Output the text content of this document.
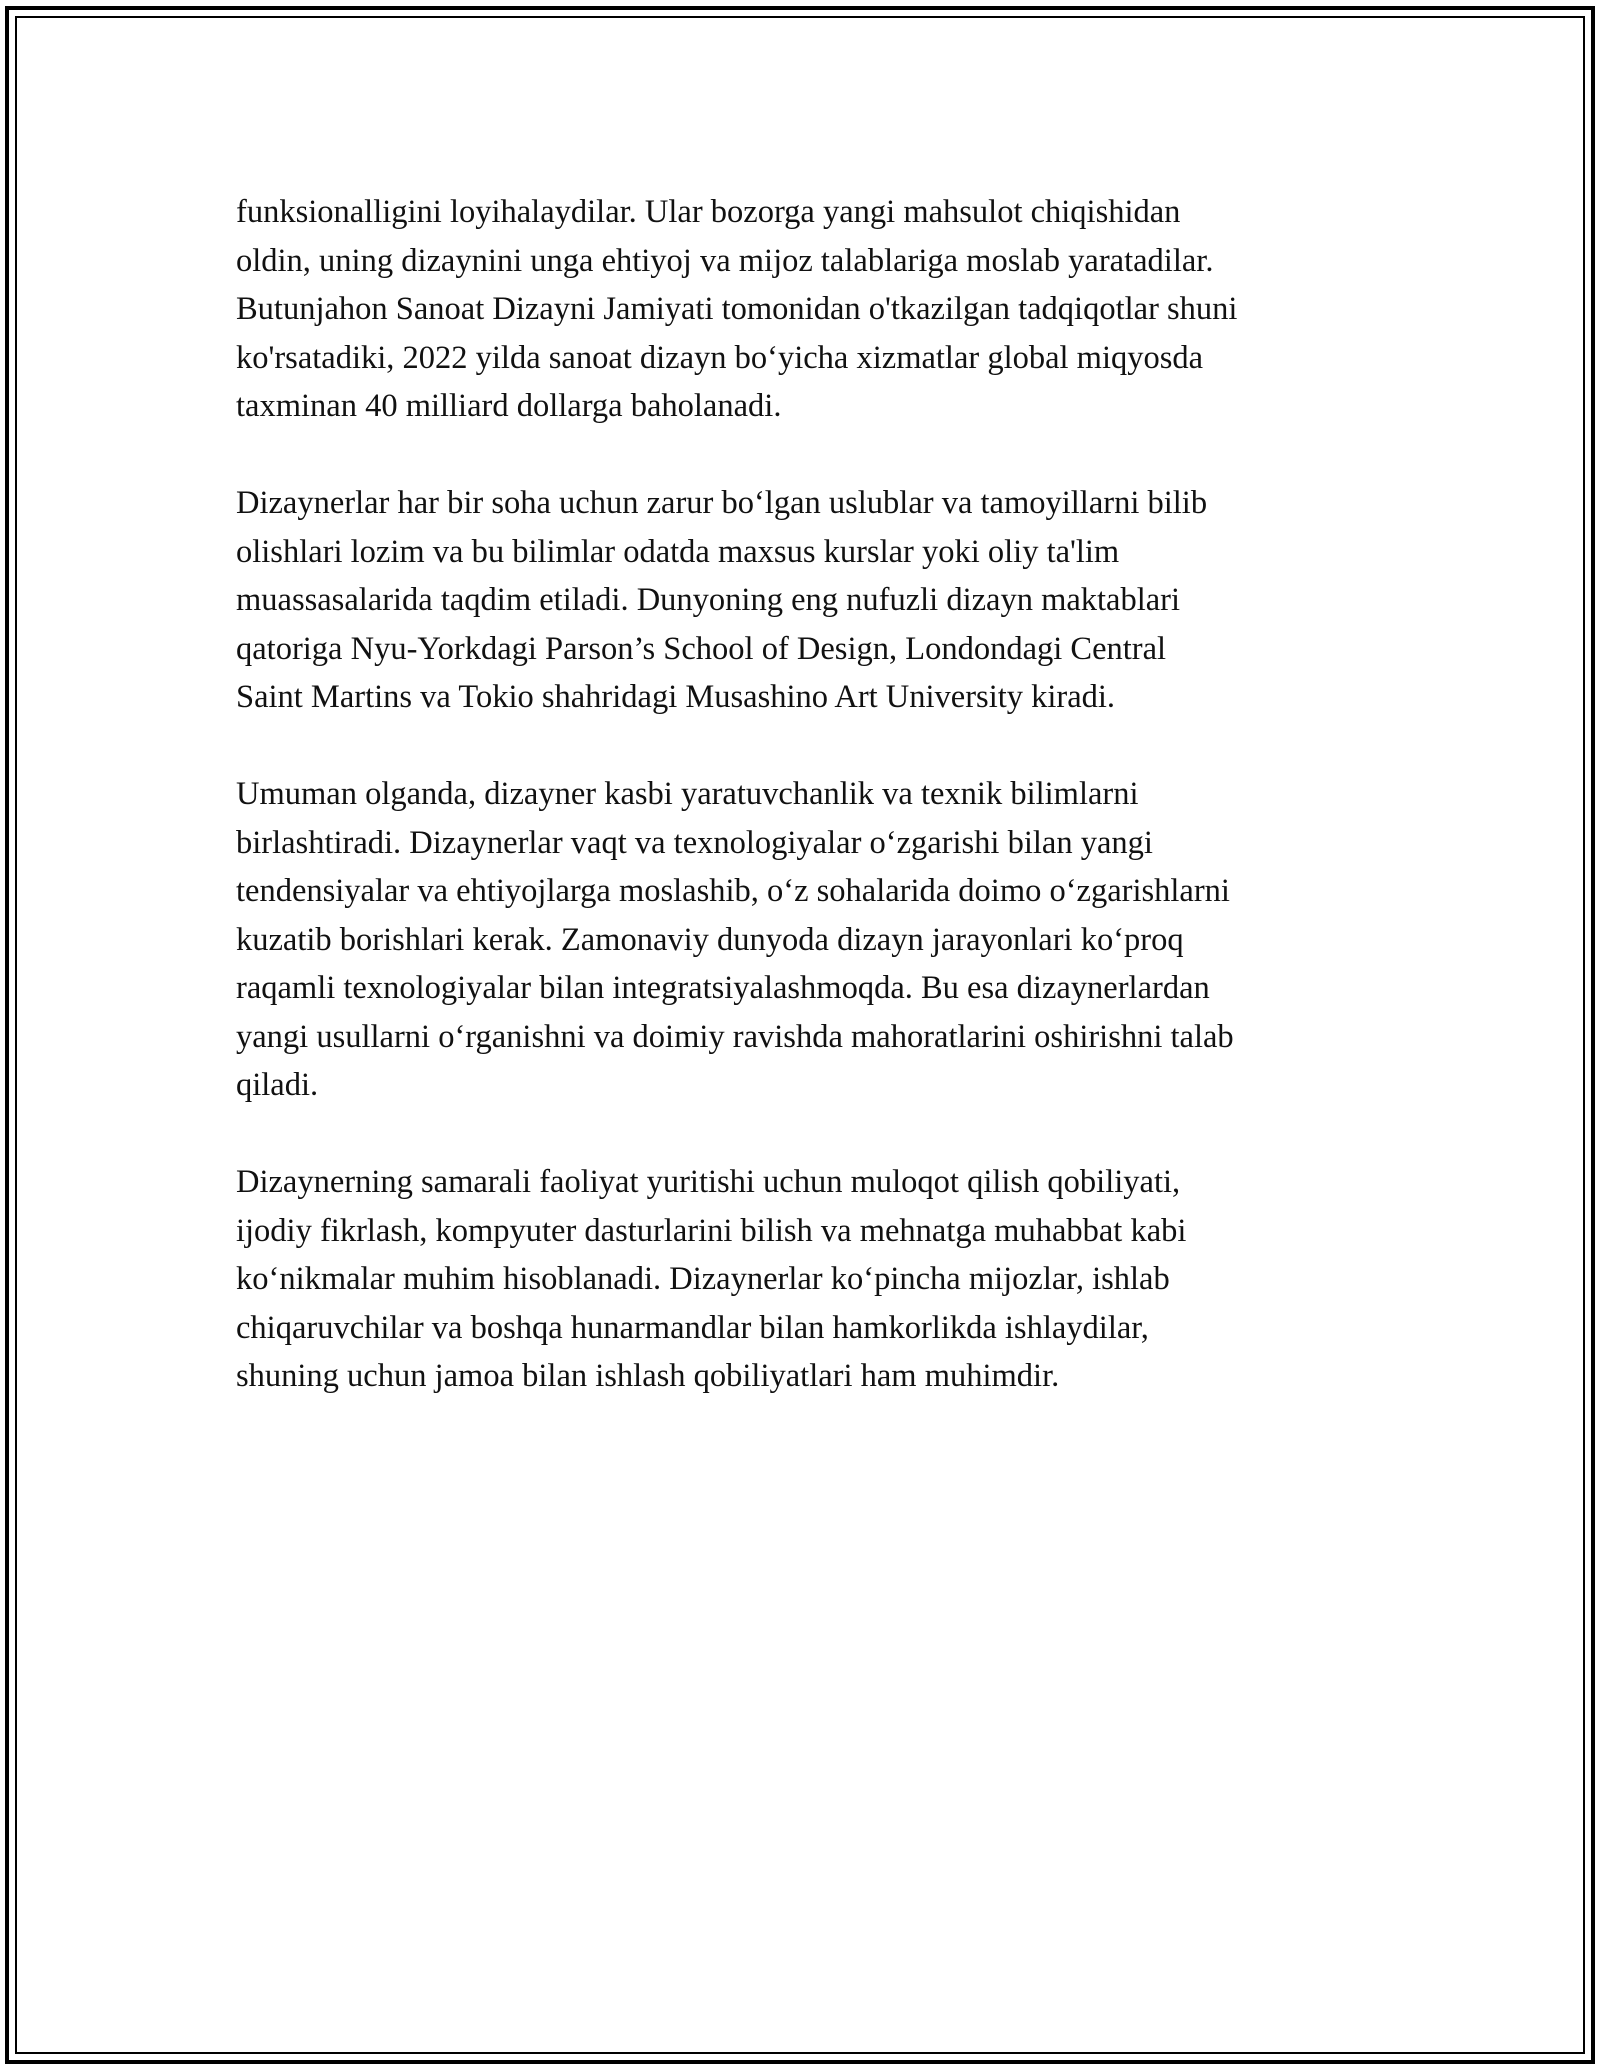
funksionalligini loyihalaydilar. Ular bozorga yangi mahsulot chiqishidan
oldin, uning dizaynini unga ehtiyoj va mijoz talablariga moslab yaratadilar.
Butunjahon Sanoat Dizayni Jamiyati tomonidan o'tkazilgan tadqiqotlar shuni
ko'rsatadiki, 2022 yilda sanoat dizayn bo‘yicha xizmatlar global miqyosda
taxminan 40 milliard dollarga baholanadi.

Dizaynerlar har bir soha uchun zarur bo‘lgan uslublar va tamoyillarni bilib
olishlari lozim va bu bilimlar odatda maxsus kurslar yoki oliy ta'lim
muassasalarida taqdim etiladi. Dunyoning eng nufuzli dizayn maktablari
qatoriga Nyu-Yorkdagi Parson’s School of Design, Londondagi Central
Saint Martins va Tokio shahridagi Musashino Art University kiradi.

Umuman olganda, dizayner kasbi yaratuvchanlik va texnik bilimlarni
birlashtiradi. Dizaynerlar vaqt va texnologiyalar o‘zgarishi bilan yangi
tendensiyalar va ehtiyojlarga moslashib, o‘z sohalarida doimo o‘zgarishlarni
kuzatib borishlari kerak. Zamonaviy dunyoda dizayn jarayonlari ko‘proq
raqamli texnologiyalar bilan integratsiyalashmoqda. Bu esa dizaynerlardan
yangi usullarni o‘rganishni va doimiy ravishda mahoratlarini oshirishni talab
qiladi.

Dizaynerning samarali faoliyat yuritishi uchun muloqot qilish qobiliyati,
ijodiy fikrlash, kompyuter dasturlarini bilish va mehnatga muhabbat kabi
ko‘nikmalar muhim hisoblanadi. Dizaynerlar ko‘pincha mijozlar, ishlab
chiqaruvchilar va boshqa hunarmandlar bilan hamkorlikda ishlaydilar,
shuning uchun jamoa bilan ishlash qobiliyatlari ham muhimdir.
